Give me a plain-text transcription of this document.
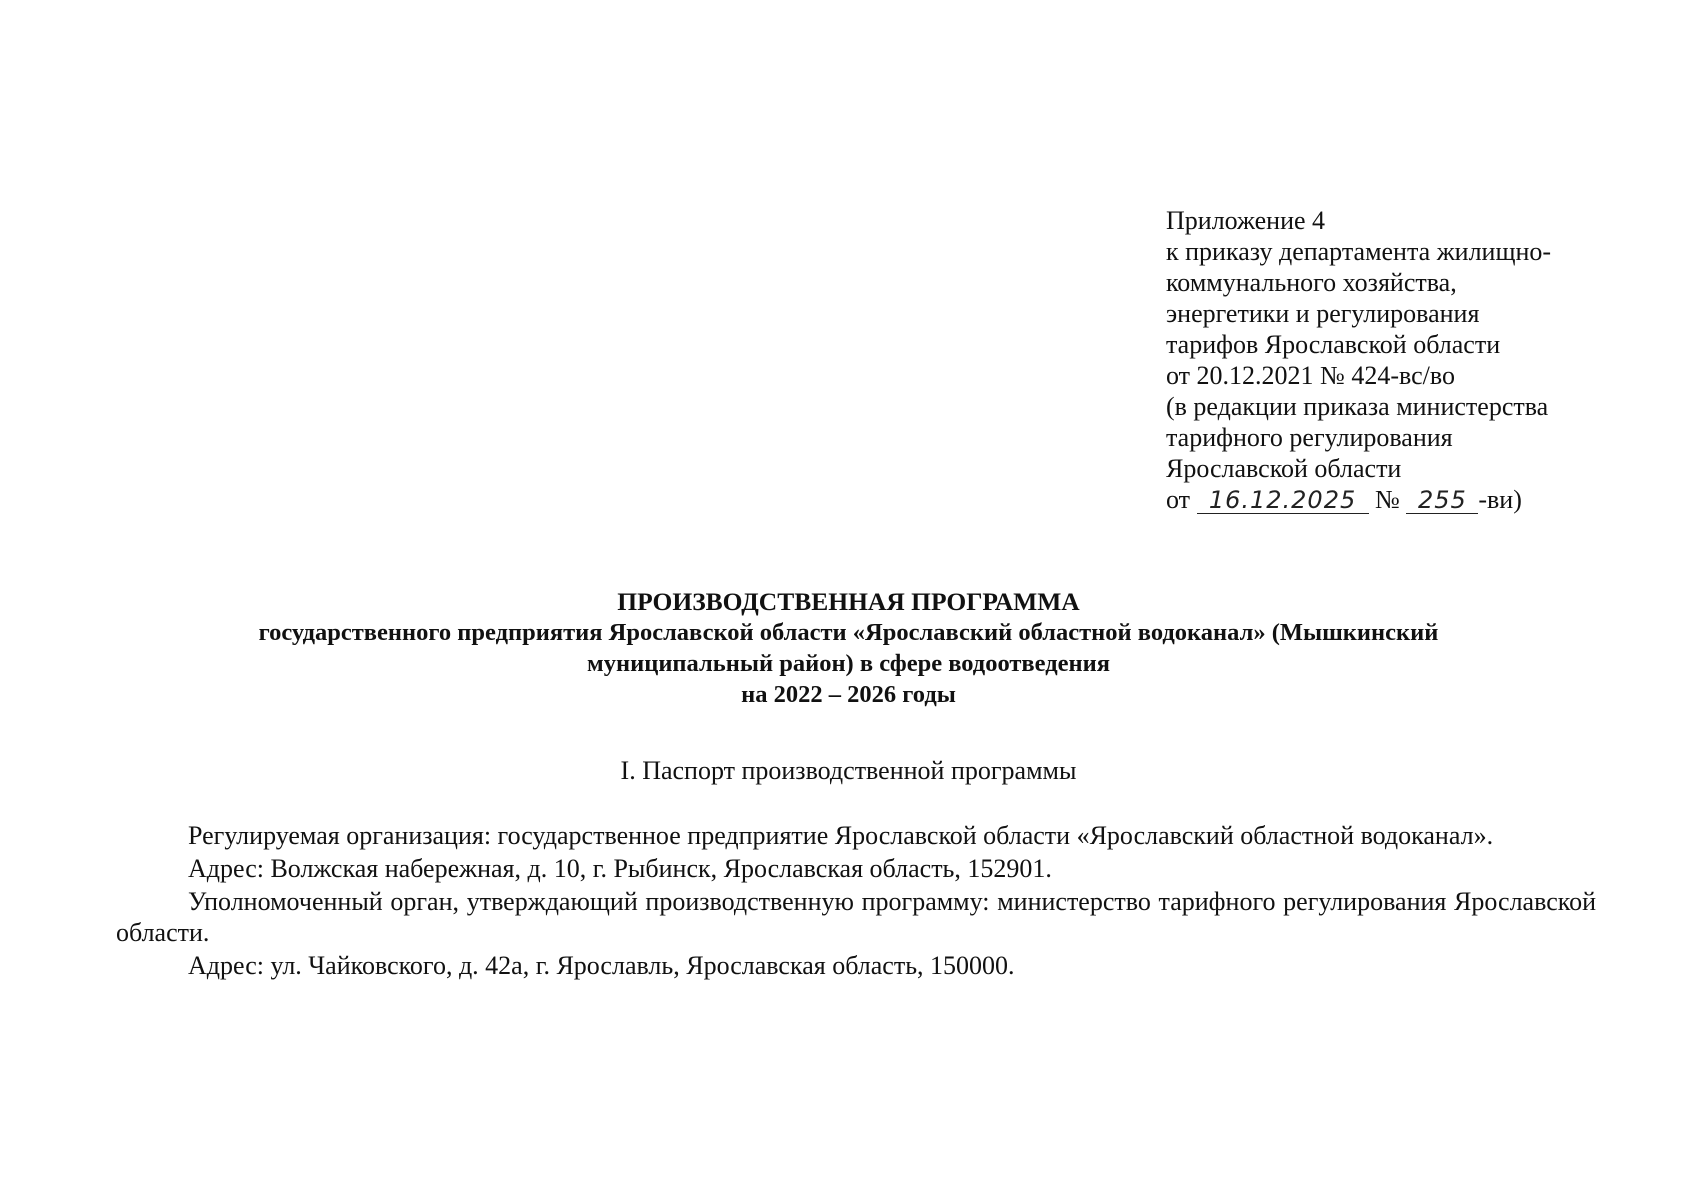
Приложение 4
к приказу департамента жилищно-
коммунального хозяйства,
энергетики и регулирования
тарифов Ярославской области
от 20.12.2021 № 424-вс/во
(в редакции приказа министерства
тарифного регулирования
Ярославской области
от 16.12.2025 № 255 -ви)
ПРОИЗВОДСТВЕННАЯ ПРОГРАММА
государственного предприятия Ярославской области «Ярославский областной водоканал» (Мышкинский
муниципальный район) в сфере водоотведения
на 2022 – 2026 годы
I. Паспорт производственной программы

Регулируемая организация: государственное предприятие Ярославской области «Ярославский областной водоканал».

Адрес: Волжская набережная, д. 10, г. Рыбинск, Ярославская область, 152901.

Уполномоченный орган, утверждающий производственную программу: министерство тарифного регулирования Ярославской области.

Адрес: ул. Чайковского, д. 42а, г. Ярославль, Ярославская область, 150000.
